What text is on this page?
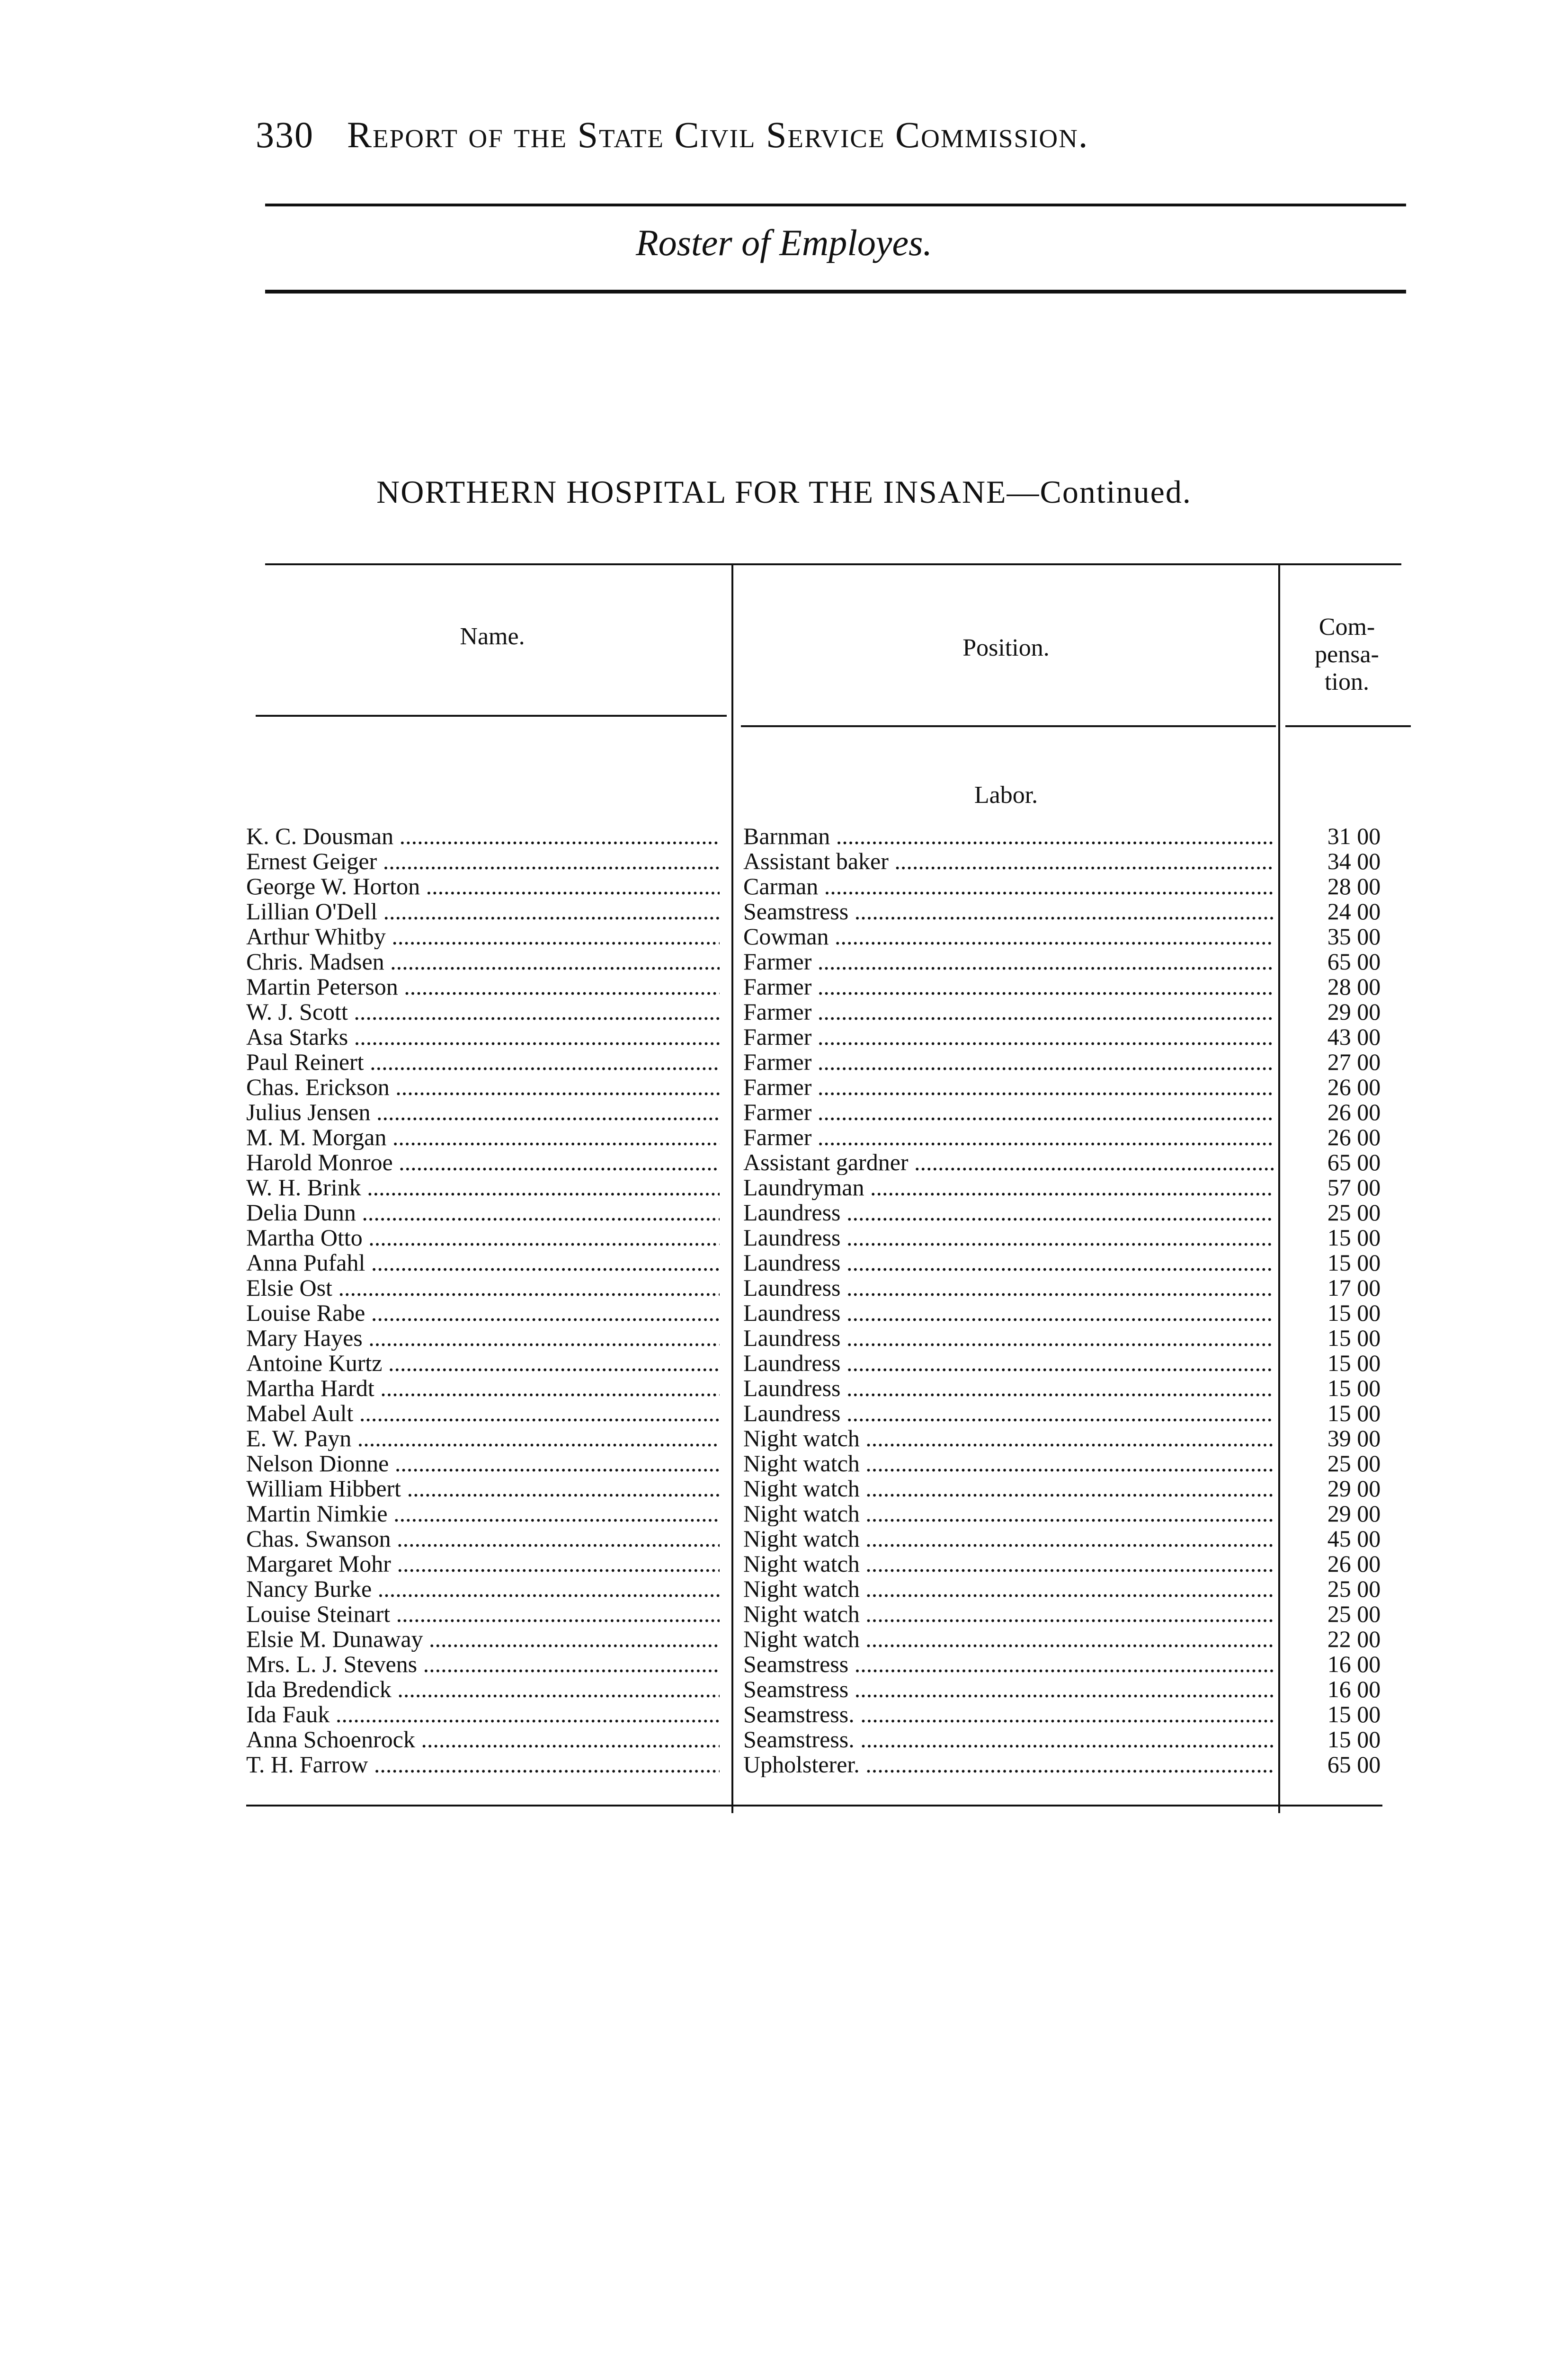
330 Report of the State Civil Service Commission.
Roster of Employes.
NORTHERN HOSPITAL FOR THE INSANE—Continued.
Name.	Position.
Com-
pensa-
tion.
Labor.
K. C. Dousman .....	Barnman .....	31 00
Ernest Geiger .....	Assistant baker .....	34 00
George W. Horton .....	Carman .....	28 00
Lillian O'Dell .....	Seamstress .....	24 00
Arthur Whitby .....	Cowman .....	35 00
Chris. Madsen .....	Farmer .....	65 00
Martin Peterson .....	Farmer .....	28 00
W. J. Scott .....	Farmer .....	29 00
Asa Starks .....	Farmer .....	43 00
Paul Reinert .....	Farmer .....	27 00
Chas. Erickson .....	Farmer .....	26 00
Julius Jensen .....	Farmer .....	26 00
M. M. Morgan .....	Farmer .....	26 00
Harold Monroe .....	Assistant gardner .....	65 00
W. H. Brink .....	Laundryman .....	57 00
Delia Dunn .....	Laundress .....	25 00
Martha Otto .....	Laundress .....	15 00
Anna Pufahl .....	Laundress .....	15 00
Elsie Ost .....	Laundress .....	17 00
Louise Rabe .....	Laundress .....	15 00
Mary Hayes .....	Laundress .....	15 00
Antoine Kurtz .....	Laundress .....	15 00
Martha Hardt .....	Laundress .....	15 00
Mabel Ault .....	Laundress .....	15 00
E. W. Payn .....	Night watch .....	39 00
Nelson Dionne .....	Night watch .....	25 00
William Hibbert .....	Night watch .....	29 00
Martin Nimkie .....	Night watch .....	29 00
Chas. Swanson .....	Night watch .....	45 00
Margaret Mohr .....	Night watch .....	26 00
Nancy Burke .....	Night watch .....	25 00
Louise Steinart .....	Night watch .....	25 00
Elsie M. Dunaway .....	Night watch .....	22 00
Mrs. L. J. Stevens .....	Seamstress .....	16 00
Ida Bredendick .....	Seamstress .....	16 00
Ida Fauk .....	Seamstress. .....	15 00
Anna Schoenrock .....	Seamstress. .....	15 00
T. H. Farrow .....	Upholsterer. .....	65 00
